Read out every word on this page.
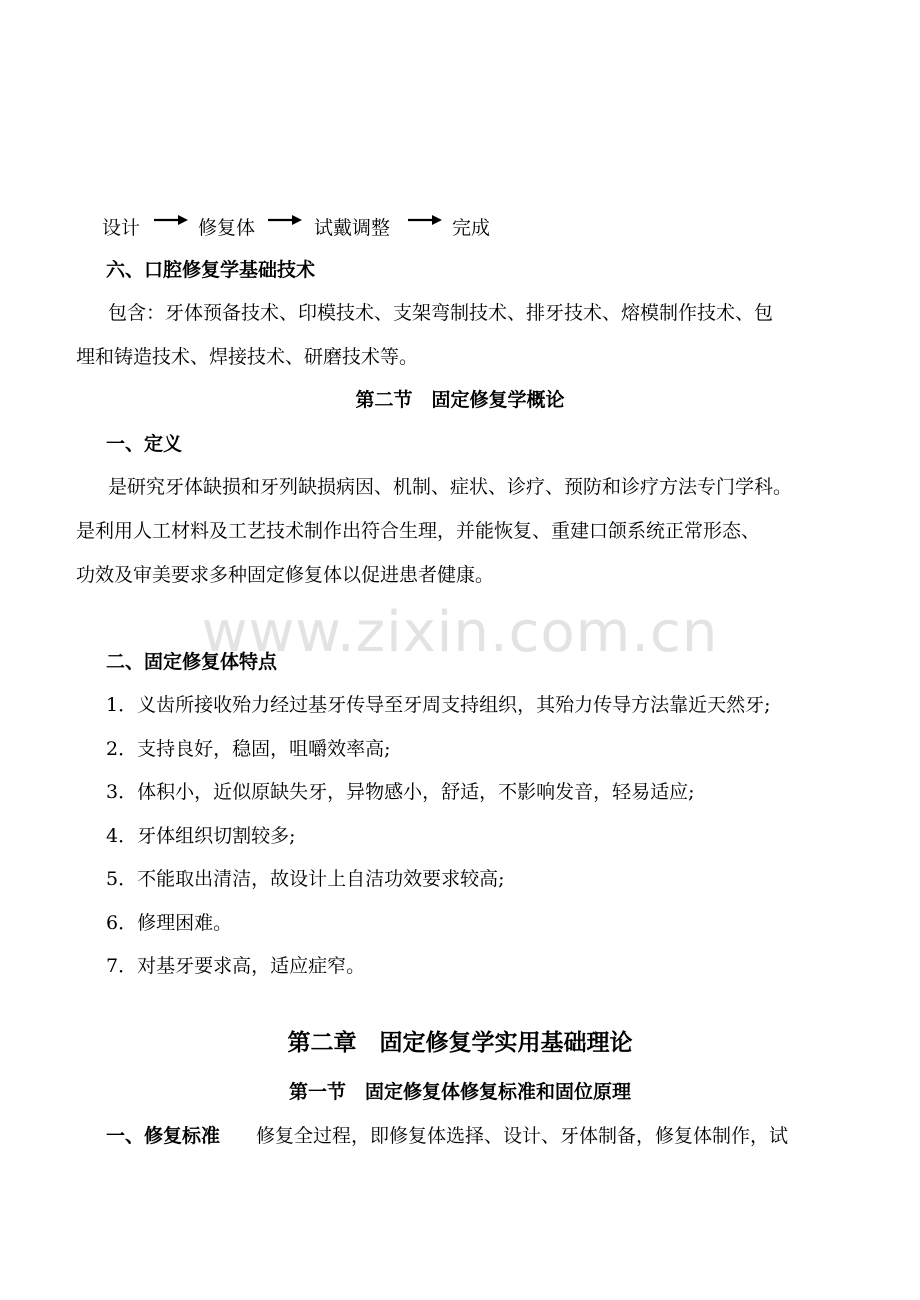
设计	修复体	试戴调整	完成
六、口腔修复学基础技术
包含：牙体预备技术、印模技术、支架弯制技术、排牙技术、熔模制作技术、包
埋和铸造技术、焊接技术、研磨技术等。
第二节　固定修复学概论
一、定义
是研究牙体缺损和牙列缺损病因、机制、症状、诊疗、预防和诊疗方法专门学科。
是利用人工材料及工艺技术制作出符合生理，并能恢复、重建口颌系统正常形态、
功效及审美要求多种固定修复体以促进患者健康。
www.zixin.com.cn
二、固定修复体特点
1．义齿所接收殆力经过基牙传导至牙周支持组织，其殆力传导方法靠近天然牙;
2．支持良好，稳固，咀嚼效率高;
3．体积小，近似原缺失牙，异物感小，舒适，不影响发音，轻易适应;
4．牙体组织切割较多;
5．不能取出清洁，故设计上自洁功效要求较高;
6．修理困难。
7．对基牙要求高，适应症窄。
第二章　固定修复学实用基础理论
第一节　固定修复体修复标准和固位原理
一、修复标准 修复全过程，即修复体选择、设计、牙体制备，修复体制作，试
